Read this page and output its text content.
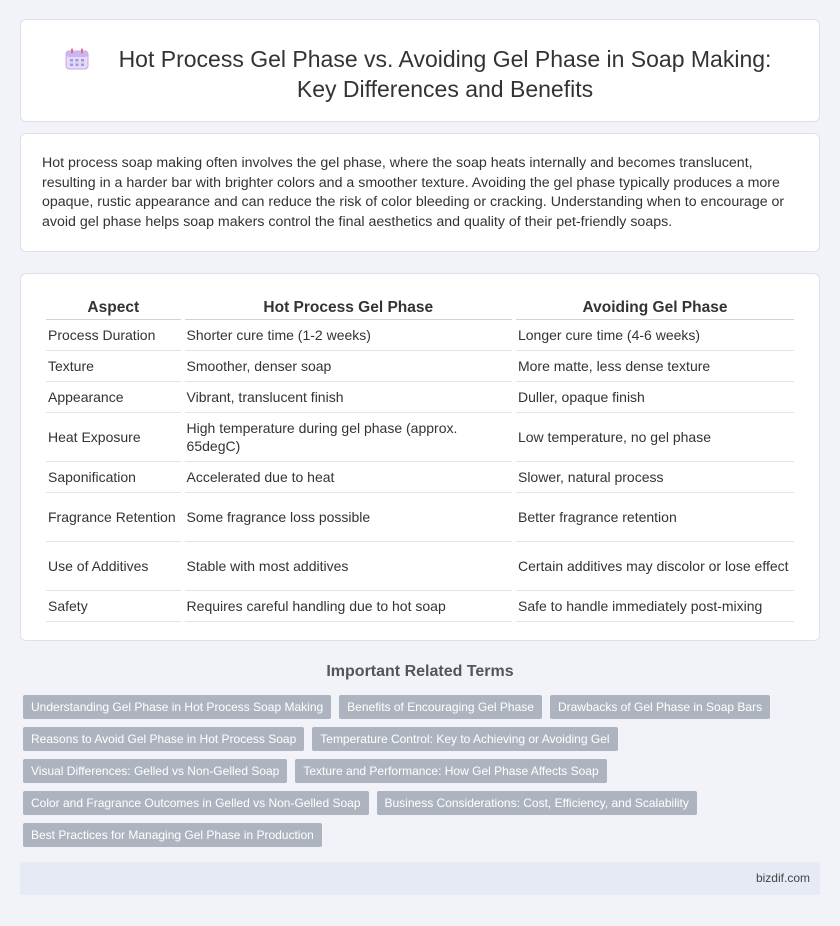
Hot Process Gel Phase vs. Avoiding Gel Phase in Soap Making: Key Differences and Benefits

Hot process soap making often involves the gel phase, where the soap heats internally and becomes translucent, resulting in a harder bar with brighter colors and a smoother texture. Avoiding the gel phase typically produces a more opaque, rustic appearance and can reduce the risk of color bleeding or cracking. Understanding when to encourage or avoid gel phase helps soap makers control the final aesthetics and quality of their pet-friendly soaps.

Aspect	Hot Process Gel Phase	Avoiding Gel Phase
Process Duration	Shorter cure time (1-2 weeks)	Longer cure time (4-6 weeks)
Texture	Smoother, denser soap	More matte, less dense texture
Appearance	Vibrant, translucent finish	Duller, opaque finish
Heat Exposure	High temperature during gel phase (approx. 65degC)	Low temperature, no gel phase
Saponification	Accelerated due to heat	Slower, natural process
Fragrance Retention	Some fragrance loss possible	Better fragrance retention
Use of Additives	Stable with most additives	Certain additives may discolor or lose effect
Safety	Requires careful handling due to hot soap	Safe to handle immediately post-mixing
Important Related Terms
Understanding Gel Phase in Hot Process Soap Making	Benefits of Encouraging Gel Phase	Drawbacks of Gel Phase in Soap Bars
Reasons to Avoid Gel Phase in Hot Process Soap	Temperature Control: Key to Achieving or Avoiding Gel
Visual Differences: Gelled vs Non-Gelled Soap	Texture and Performance: How Gel Phase Affects Soap
Color and Fragrance Outcomes in Gelled vs Non-Gelled Soap	Business Considerations: Cost, Efficiency, and Scalability
Best Practices for Managing Gel Phase in Production
bizdif.com
